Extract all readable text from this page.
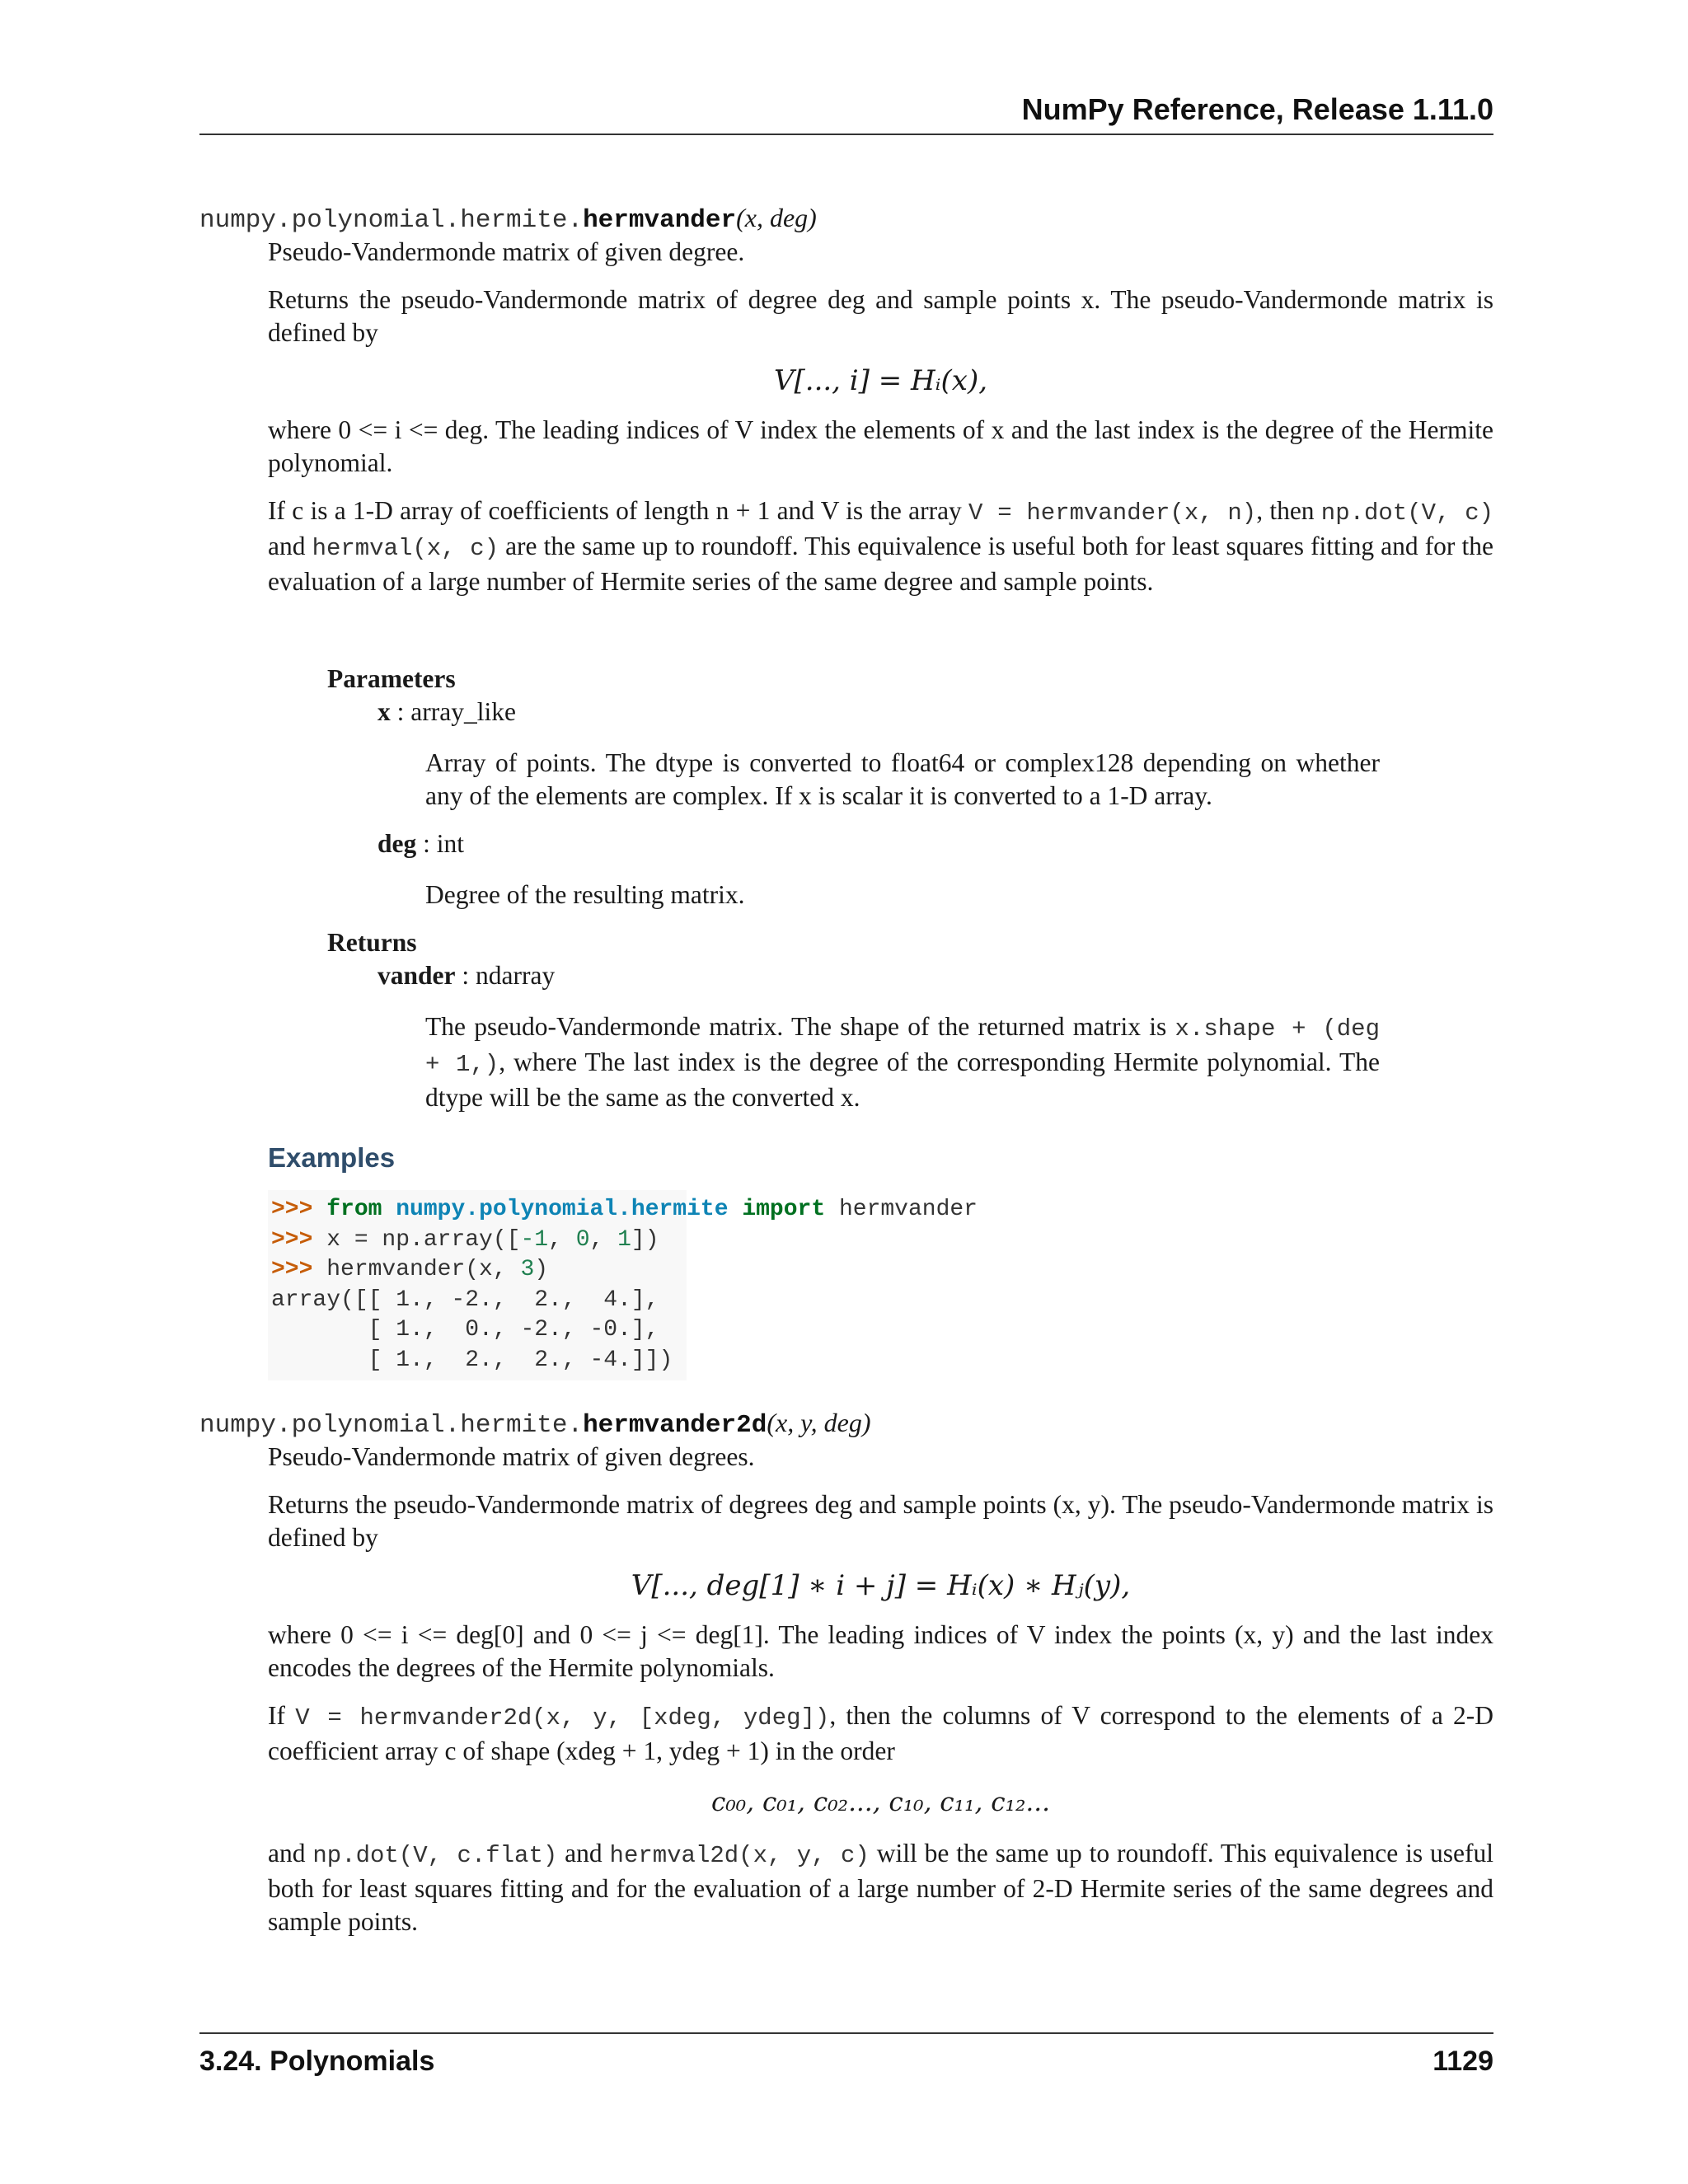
NumPy Reference, Release 1.11.0
numpy.polynomial.hermite.hermvander(x, deg)

Pseudo-Vandermonde matrix of given degree.

Returns the pseudo-Vandermonde matrix of degree deg and sample points x. The pseudo-Vandermonde matrix is defined by

V[..., i] = Hᵢ(x),

where 0 <= i <= deg. The leading indices of V index the elements of x and the last index is the degree of the Hermite polynomial.

If c is a 1-D array of coefficients of length n + 1 and V is the array V = hermvander(x, n), then np.dot(V, c) and hermval(x, c) are the same up to roundoff. This equivalence is useful both for least squares fitting and for the evaluation of a large number of Hermite series of the same degree and sample points.

Parameters
x : array_like
Array of points. The dtype is converted to float64 or complex128 depending on whether any of the elements are complex. If x is scalar it is converted to a 1-D array.
deg : int
Degree of the resulting matrix.
Returns
vander : ndarray
The pseudo-Vandermonde matrix. The shape of the returned matrix is x.shape + (deg + 1,), where The last index is the degree of the corresponding Hermite polynomial. The dtype will be the same as the converted x.
Examples
>>> from numpy.polynomial.hermite import hermvander
>>> x = np.array([-1, 0, 1])
>>> hermvander(x, 3)
array([[ 1., -2.,  2.,  4.],
[ 1.,  0., -2., -0.],
[ 1.,  2.,  2., -4.]])
numpy.polynomial.hermite.hermvander2d(x, y, deg)

Pseudo-Vandermonde matrix of given degrees.

Returns the pseudo-Vandermonde matrix of degrees deg and sample points (x, y). The pseudo-Vandermonde matrix is defined by

V[..., deg[1] ∗ i + j] = Hᵢ(x) ∗ Hⱼ(y),

where 0 <= i <= deg[0] and 0 <= j <= deg[1]. The leading indices of V index the points (x, y) and the last index encodes the degrees of the Hermite polynomials.

If V = hermvander2d(x, y, [xdeg, ydeg]), then the columns of V correspond to the elements of a 2-D coefficient array c of shape (xdeg + 1, ydeg + 1) in the order

c₀₀, c₀₁, c₀₂..., c₁₀, c₁₁, c₁₂...

and np.dot(V, c.flat) and hermval2d(x, y, c) will be the same up to roundoff. This equivalence is useful both for least squares fitting and for the evaluation of a large number of 2-D Hermite series of the same degrees and sample points.

3.24. Polynomials	1129
